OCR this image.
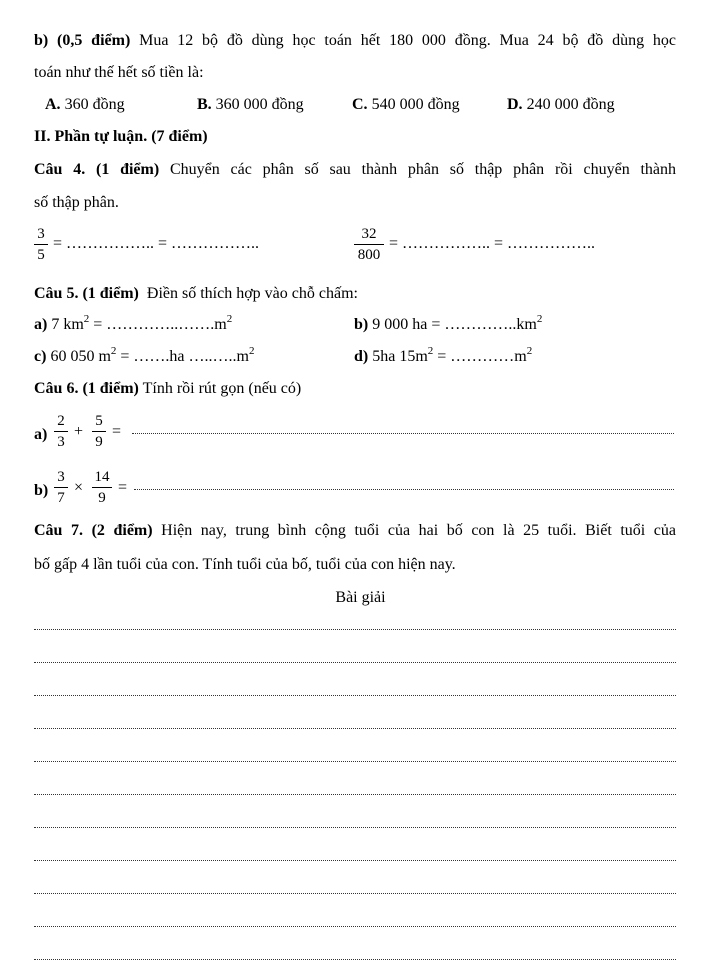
b) (0,5 điểm) Mua 12 bộ đồ dùng học toán hết 180 000 đồng. Mua 24 bộ đồ dùng học
toán như thế hết số tiền là:
A. 360 đồng	B. 360 000 đồng	C. 540 000 đồng	D. 240 000 đồng
II. Phần tự luận. (7 điểm)
Câu 4. (1 điểm) Chuyển các phân số sau thành phân số thập phân rồi chuyển thành
số thập phân.
$\frac{3}{5}$ = …………….. = ……………..	$\frac{32}{800}$ = …………….. = ……………..
Câu 5. (1 điểm) Điền số thích hợp vào chỗ chấm:
a) 7 $km^2$ = $\dots\dots\dots\dots..\dots\dots.m^2$	b) 9 000 ha = $\dots\dots\dots\dots..km^2$
c) 60 050 $m^2$ = …….ha $\dots..\dots..m^2$	d) 5ha $15m^2$ = $\dots\dots\dots\dots m^2$
Câu 6. (1 điểm) Tính rồi rút gọn (nếu có)
$a) \frac{2}{3} + \frac{5}{9}$ =
$b) \frac{3}{7} \times \frac{14}{9}$ =
Câu 7. (2 điểm) Hiện nay, trung bình cộng tuổi của hai bố con là 25 tuổi. Biết tuổi của
bố gấp 4 lần tuổi của con. Tính tuổi của bố, tuổi của con hiện nay.
Bài giải
